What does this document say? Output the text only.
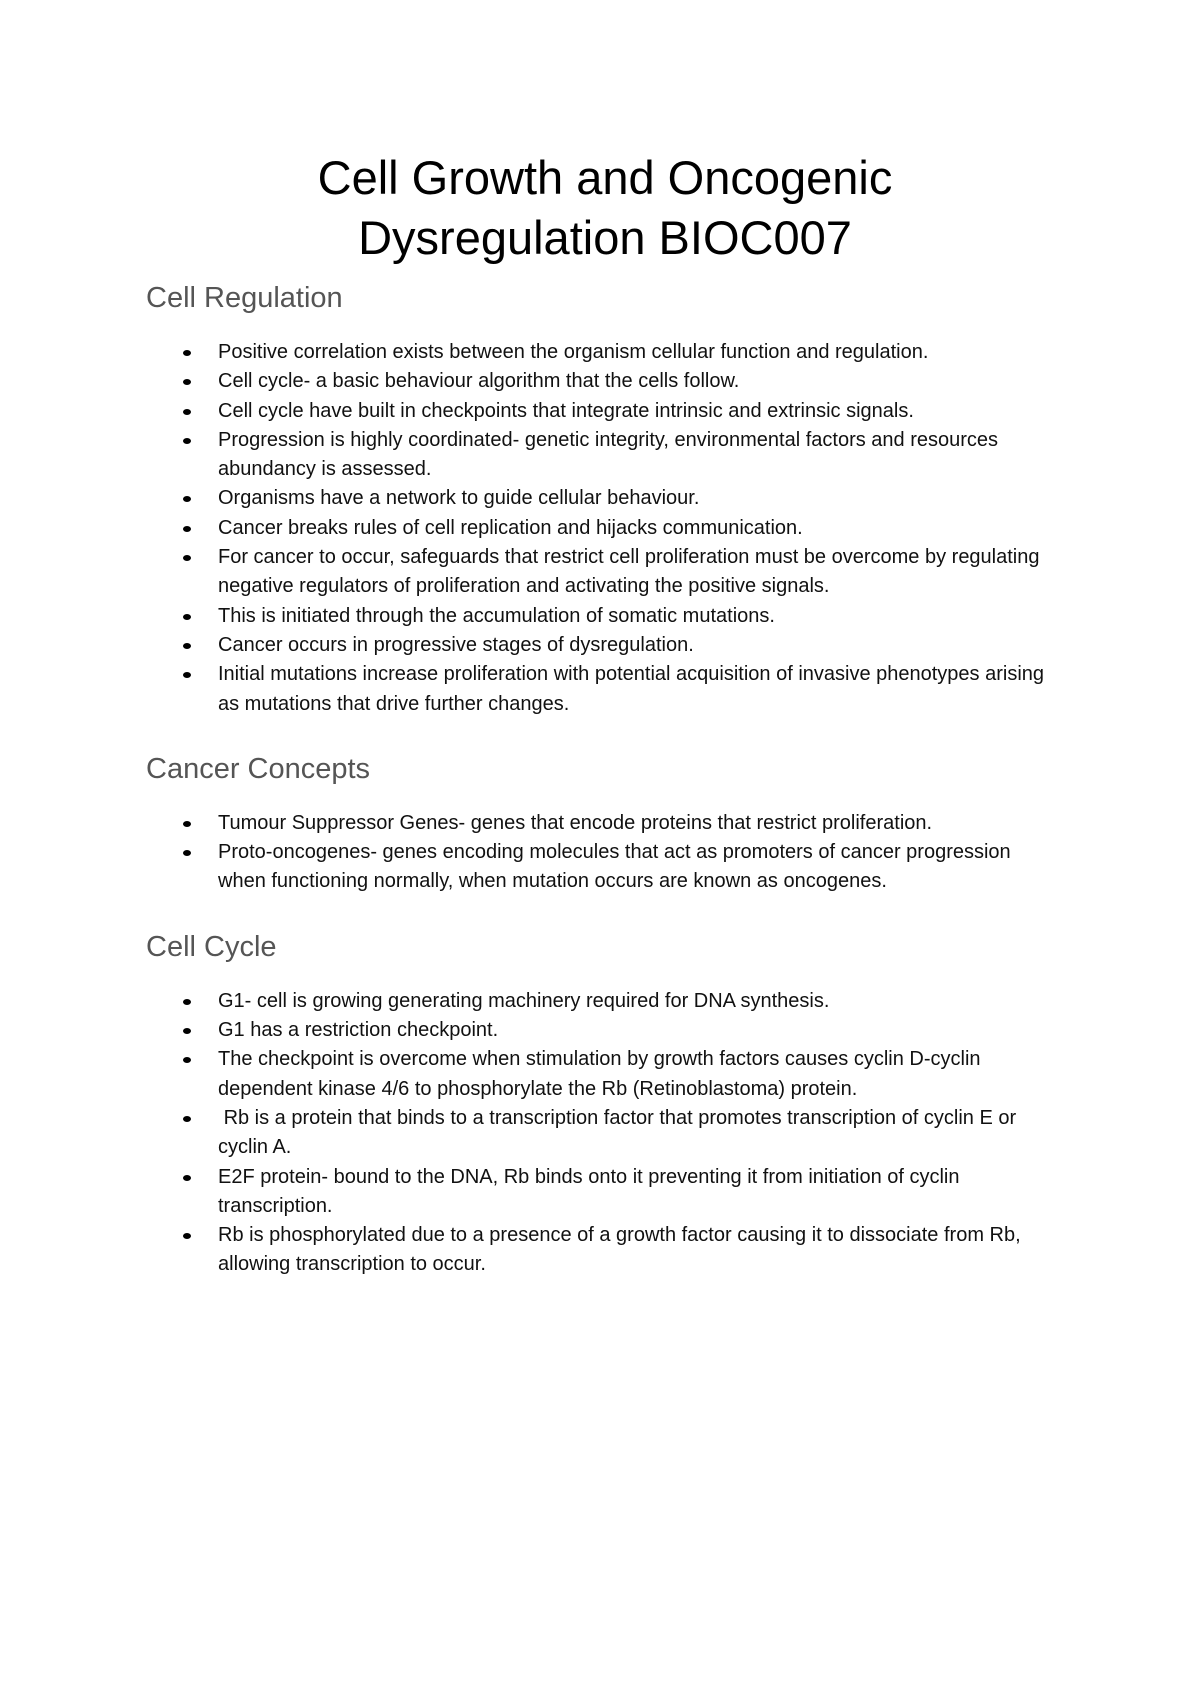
Cell Growth and Oncogenic
Dysregulation BIOC007
Cell Regulation
Positive correlation exists between the organism cellular function and regulation.
Cell cycle- a basic behaviour algorithm that the cells follow.
Cell cycle have built in checkpoints that integrate intrinsic and extrinsic signals.
Progression is highly coordinated- genetic integrity, environmental factors and resources abundancy is assessed.
Organisms have a network to guide cellular behaviour.
Cancer breaks rules of cell replication and hijacks communication.
For cancer to occur, safeguards that restrict cell proliferation must be overcome by regulating negative regulators of proliferation and activating the positive signals.
This is initiated through the accumulation of somatic mutations.
Cancer occurs in progressive stages of dysregulation.
Initial mutations increase proliferation with potential acquisition of invasive phenotypes arising as mutations that drive further changes.
Cancer Concepts
Tumour Suppressor Genes- genes that encode proteins that restrict proliferation.
Proto-oncogenes- genes encoding molecules that act as promoters of cancer progression when functioning normally, when mutation occurs are known as oncogenes.
Cell Cycle
G1- cell is growing generating machinery required for DNA synthesis.
G1 has a restriction checkpoint.
The checkpoint is overcome when stimulation by growth factors causes cyclin D-cyclin dependent kinase 4/6 to phosphorylate the Rb (Retinoblastoma) protein.
Rb is a protein that binds to a transcription factor that promotes transcription of cyclin E or cyclin A.
E2F protein- bound to the DNA, Rb binds onto it preventing it from initiation of cyclin transcription.
Rb is phosphorylated due to a presence of a growth factor causing it to dissociate from Rb, allowing transcription to occur.
